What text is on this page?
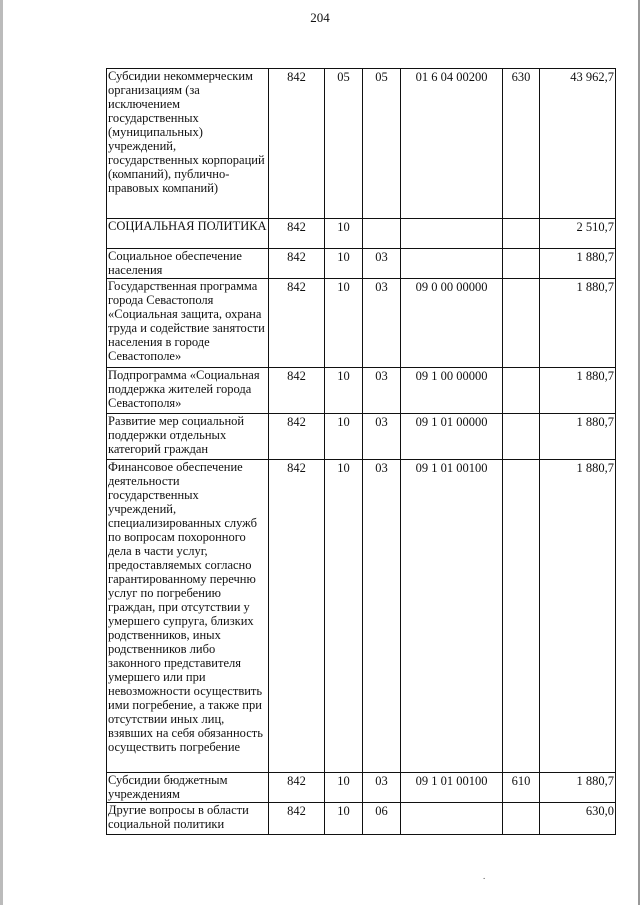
204
Субсидии некоммерческим организациям (за исключением государственных (муниципальных) учреждений, государственных корпораций (компаний), публично-правовых компаний)	842	05	05	01 6 04 00200	630	43 962,7
СОЦИАЛЬНАЯ ПОЛИТИКА	842	10				2 510,7
Социальное обеспечение населения	842	10	03			1 880,7
Государственная программа города Севастополя «Социальная защита, охрана труда и содействие занятости населения в городе Севастополе»	842	10	03	09 0 00 00000		1 880,7
Подпрограмма «Социальная поддержка жителей города Севастополя»	842	10	03	09 1 00 00000		1 880,7
Развитие мер социальной поддержки отдельных категорий граждан	842	10	03	09 1 01 00000		1 880,7
Финансовое обеспечение деятельности государственных учреждений, специализированных служб по вопросам похоронного дела в части услуг, предоставляемых согласно гарантированному перечню услуг по погребению граждан, при отсутствии у умершего супруга, близких родственников, иных родственников либо законного представителя умершего или при невозможности осуществить ими погребение, а также при отсутствии иных лиц, взявших на себя обязанность осуществить погребение	842	10	03	09 1 01 00100		1 880,7
Субсидии бюджетным учреждениям	842	10	03	09 1 01 00100	610	1 880,7
Другие вопросы в области социальной политики	842	10	06			630,0
.
